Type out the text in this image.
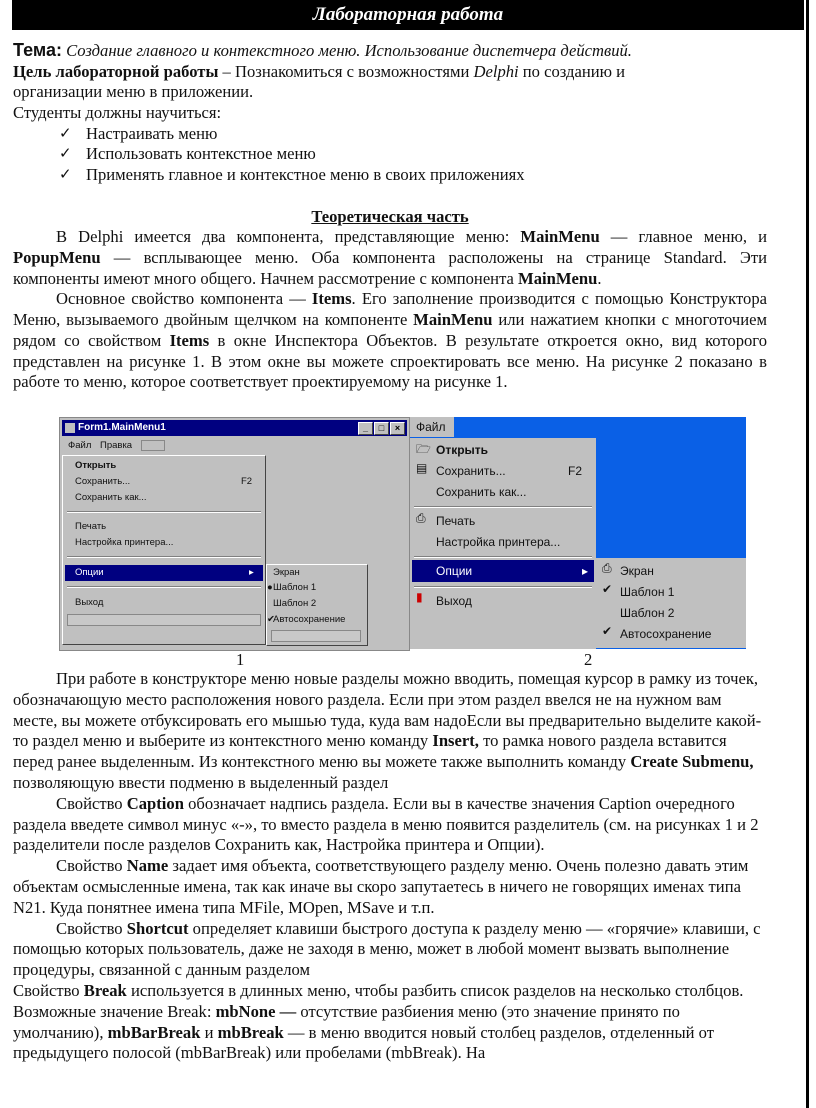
Лабораторная работа

Тема: Создание главного и контекстного меню. Использование диспетчера действий.

Цель лабораторной работы – Познакомиться с возможностями Delphi по созданию и

организации меню в приложении.

Студенты должны научиться:

✓ Настраивать меню
✓ Использовать контекстное меню
✓ Применять главное и контекстное меню в своих приложениях

Теоретическая часть

В Delphi имеется два компонента, представляющие меню: MainMenu — главное меню, и PopupMenu — всплывающее меню. Оба компонента расположены на странице Standard. Эти компоненты имеют много общего. Начнем рассмотрение с компонента MainMenu.

Основное свойство компонента — Items. Его заполнение производится с помощью Конструктора Меню, вызываемого двойным щелчком на компоненте MainMenu или нажатием кнопки с многоточием рядом со свойством Items в окне Инспектора Объектов. В результате откроется окно, вид которого представлен на рисунке 1. В этом окне вы можете спроектировать все меню. На рисунке 2 показано в работе то меню, которое соответствует проектируемому на рисунке 1.

Form1.MainMenu1	_	□	×
Файл Правка
Открыть
Сохранить...	F2
Сохранить как...
Печать
Настройка принтера...
Опции	▸
Выход
Экран
● Шаблон 1
Шаблон 2
✔
Автосохранение
Файл
🗁 Открыть
▤ Сохранить...	F2
Сохранить как...
⎙ Печать
Настройка принтера...
Опции	▸
▮ Выход
⎙ Экран
✔ Шаблон 1
Шаблон 2
✔ Автосохранение
1	2

При работе в конструкторе меню новые разделы можно вводить, помещая курсор в рамку из точек, обозначающую место расположения нового раздела. Если при этом раздел ввелся не на нужном вам месте, вы можете отбуксировать его мышью туда, куда вам надоЕсли вы предварительно выделите какой-то раздел меню и выберите из контекстного меню команду Insert, то рамка нового раздела вставится перед ранее выделенным. Из контекстного меню вы можете также выполнить команду Create Submenu, позволяющую ввести подменю в выделенный раздел

Свойство Caption обозначает надпись раздела. Если вы в качестве значения Caption очередного раздела введете символ минус «-», то вместо раздела в меню появится разделитель (см. на рисунках 1 и 2 разделители после разделов Сохранить как, Настройка принтера и Опции).

Свойство Name задает имя объекта, соответствующего разделу меню. Очень полезно давать этим объектам осмысленные имена, так как иначе вы скоро запутаетесь в ничего не говорящих именах типа N21. Куда понятнее имена типа MFile, MOpen, MSave и т.п.

Свойство Shortcut определяет клавиши быстрого доступа к разделу меню — «горячие» клавиши, с помощью которых пользователь, даже не заходя в меню, может в любой момент вызвать выполнение процедуры, связанной с данным разделом

Свойство Break используется в длинных меню, чтобы разбить список разделов на несколько столбцов. Возможные значение Break: mbNone — отсутствие разбиения меню (это значение принято по умолчанию), mbBarBreak и mbBreak — в меню вводится новый столбец разделов, отделенный от предыдущего полосой (mbBarBreak) или пробелами (mbBreak). На
